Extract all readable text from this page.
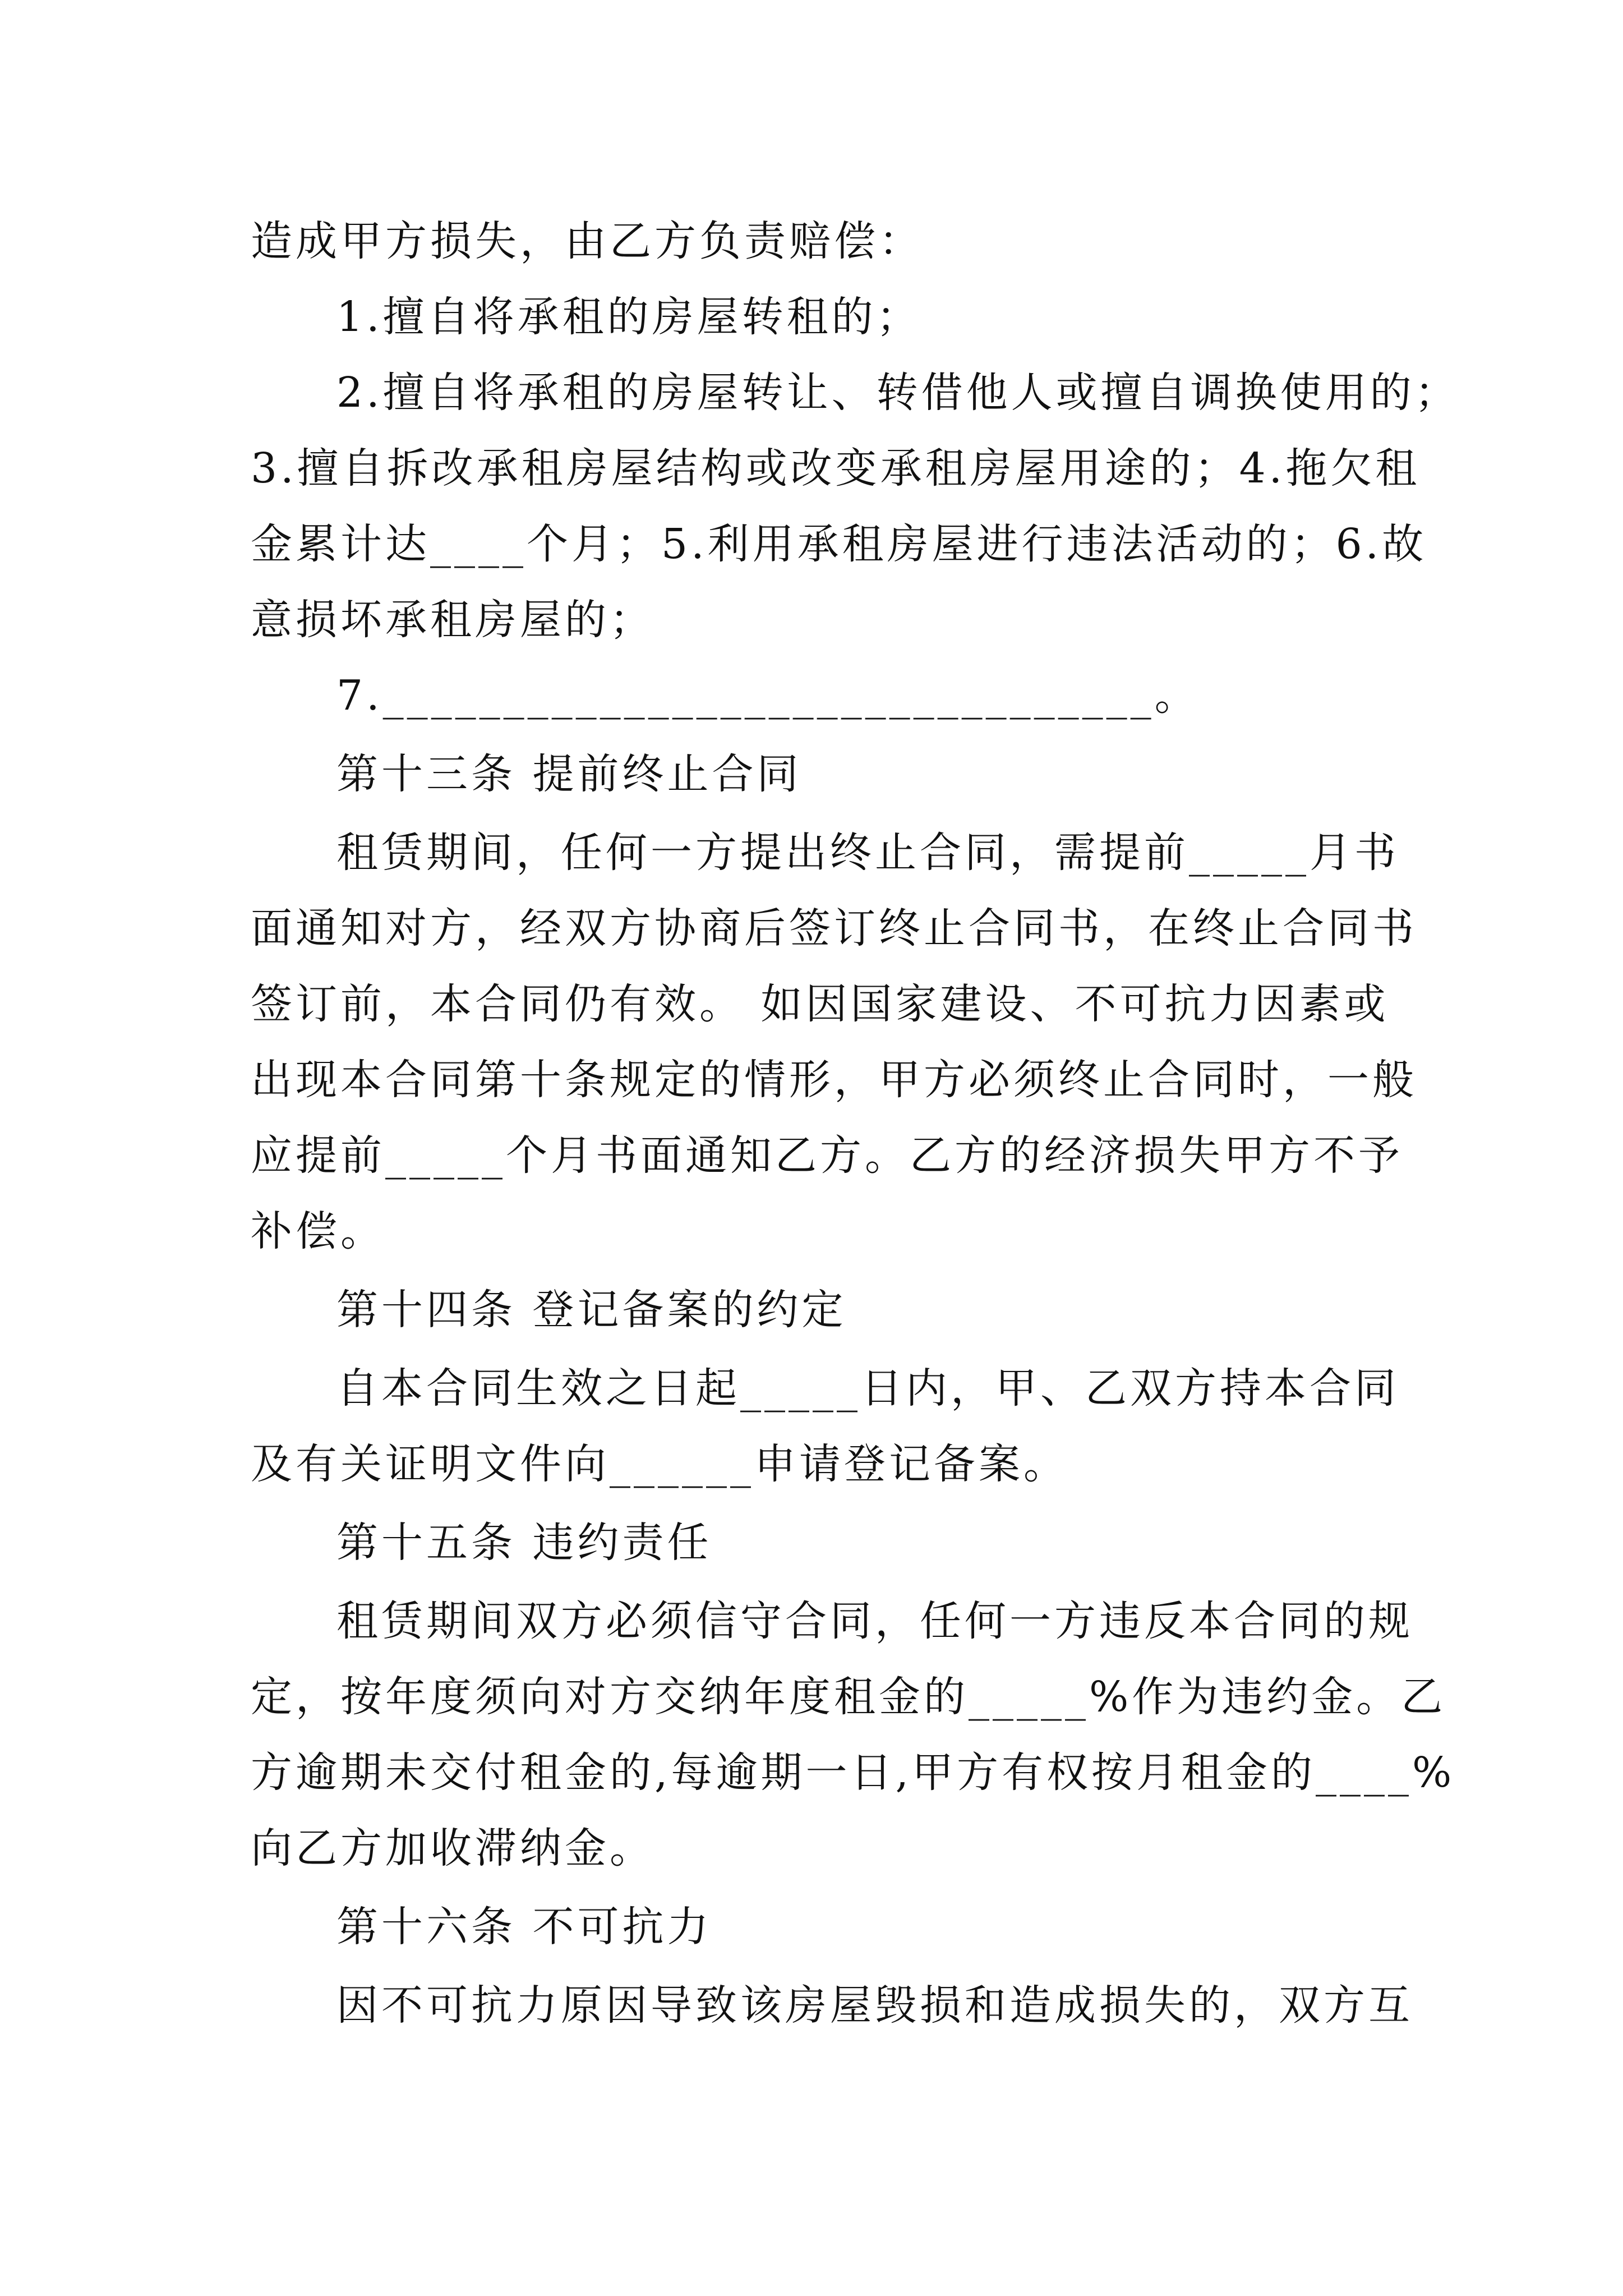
造成甲方损失，由乙方负责赔偿：
1.擅自将承租的房屋转租的；
2.擅自将承租的房屋转让、转借他人或擅自调换使用的；
3.擅自拆改承租房屋结构或改变承租房屋用途的；4.拖欠租
金累计达____个月；5.利用承租房屋进行违法活动的；6.故
意损坏承租房屋的；
7.________________________________。
第十三条 提前终止合同
租赁期间，任何一方提出终止合同，需提前_____月书
面通知对方，经双方协商后签订终止合同书，在终止合同书
签订前，本合同仍有效。 如因国家建设、不可抗力因素或
出现本合同第十条规定的情形，甲方必须终止合同时，一般
应提前_____个月书面通知乙方。乙方的经济损失甲方不予
补偿。
第十四条 登记备案的约定
自本合同生效之日起_____日内，甲、乙双方持本合同
及有关证明文件向______申请登记备案。
第十五条 违约责任
租赁期间双方必须信守合同，任何一方违反本合同的规
定，按年度须向对方交纳年度租金的_____%作为违约金。乙
方逾期未交付租金的,每逾期一日,甲方有权按月租金的____%
向乙方加收滞纳金。
第十六条 不可抗力
因不可抗力原因导致该房屋毁损和造成损失的，双方互
